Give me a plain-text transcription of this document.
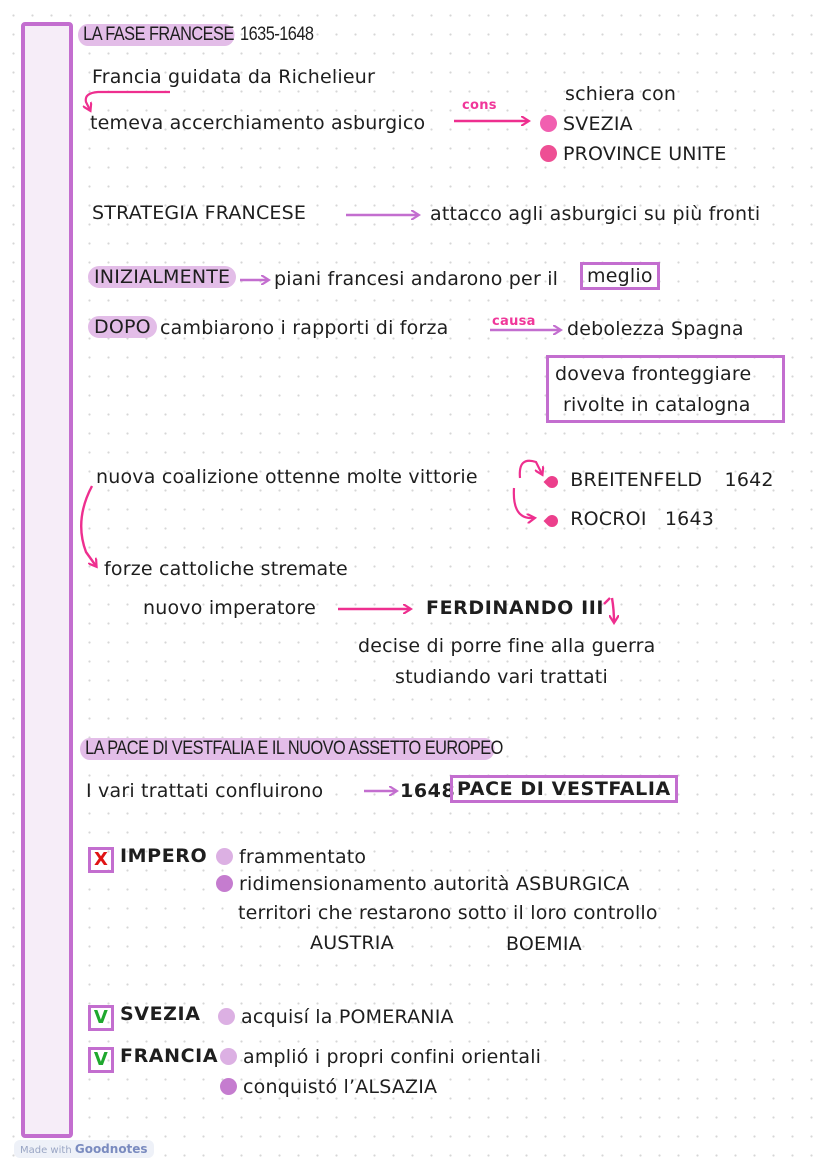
LA FASE FRANCESE 1635-1648
Francia guidata da Richelieur
temeva accerchiamento asburgico
cons
schiera con
SVEZIA
PROVINCE UNITE
STRATEGIA FRANCESE	attacco agli asburgici su più fronti
INIZIALMENTE	piani francesi andarono per il	meglio
DOPO cambiarono i rapporti di forza	causa debolezza Spagna
doveva fronteggiare
rivolte in catalogna
nuova coalizione ottenne molte vittorie	BREITENFELD 1642
ROCROI 1643
forze cattoliche stremate
nuovo imperatore	FERDINANDO III
decise di porre fine alla guerra
studiando vari trattati
LA PACE DI VESTFALIA E IL NUOVO ASSETTO EUROPEO
I vari trattati confluirono	1648 PACE DI VESTFALIA
X IMPERO	frammentato
ridimensionamento autorità ASBURGICA
territori che restarono sotto il loro controllo
AUSTRIA	BOEMIA
V SVEZIA	acquisí la POMERANIA
V FRANCIA	amplió i propri confini orientali
conquistó l’ALSAZIA
Made with Goodnotes
